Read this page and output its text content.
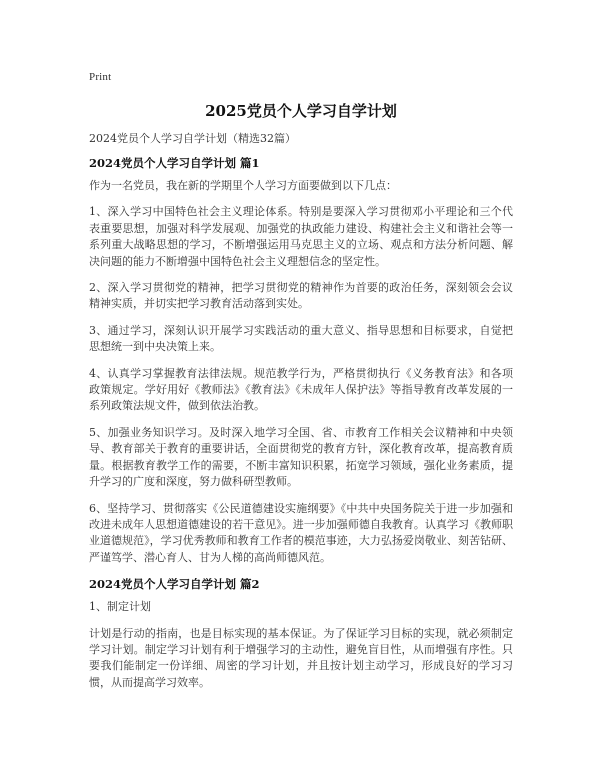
Print
2025党员个人学习自学计划

2024党员个人学习自学计划（精选32篇）

2024党员个人学习自学计划 篇1

作为一名党员，我在新的学期里个人学习方面要做到以下几点：

1、深入学习中国特色社会主义理论体系。特别是要深入学习贯彻邓小平理论和三个代表重要思想，加强对科学发展观、加强党的执政能力建设、构建社会主义和谐社会等一系列重大战略思想的学习，不断增强运用马克思主义的立场、观点和方法分析问题、解决问题的能力不断增强中国特色社会主义理想信念的坚定性。

2、深入学习贯彻党的精神，把学习贯彻党的精神作为首要的政治任务，深刻领会会议精神实质，并切实把学习教育活动落到实处。

3、通过学习，深刻认识开展学习实践活动的重大意义、指导思想和目标要求，自觉把思想统一到中央决策上来。

4、认真学习掌握教育法律法规。规范教学行为，严格贯彻执行《义务教育法》和各项政策规定。学好用好《教师法》《教育法》《未成年人保护法》等指导教育改革发展的一系列政策法规文件，做到依法治教。

5、加强业务知识学习。及时深入地学习全国、省、市教育工作相关会议精神和中央领导、教育部关于教育的重要讲话，全面贯彻党的教育方针，深化教育改革，提高教育质量。根据教育教学工作的需要，不断丰富知识积累，拓宽学习领域，强化业务素质，提升学习的广度和深度，努力做科研型教师。

6、坚持学习、贯彻落实《公民道德建设实施纲要》《中共中央国务院关于进一步加强和改进未成年人思想道德建设的若干意见》。进一步加强师德自我教育。认真学习《教师职业道德规范》，学习优秀教师和教育工作者的模范事迹，大力弘扬爱岗敬业、刻苦钻研、严谨笃学、潜心育人、甘为人梯的高尚师德风范。

2024党员个人学习自学计划 篇2

1、制定计划

计划是行动的指南，也是目标实现的基本保证。为了保证学习目标的实现，就必须制定学习计划。制定学习计划有利于增强学习的主动性，避免盲目性，从而增强有序性。只要我们能制定一份详细、周密的学习计划，并且按计划主动学习，形成良好的学习习惯，从而提高学习效率。
